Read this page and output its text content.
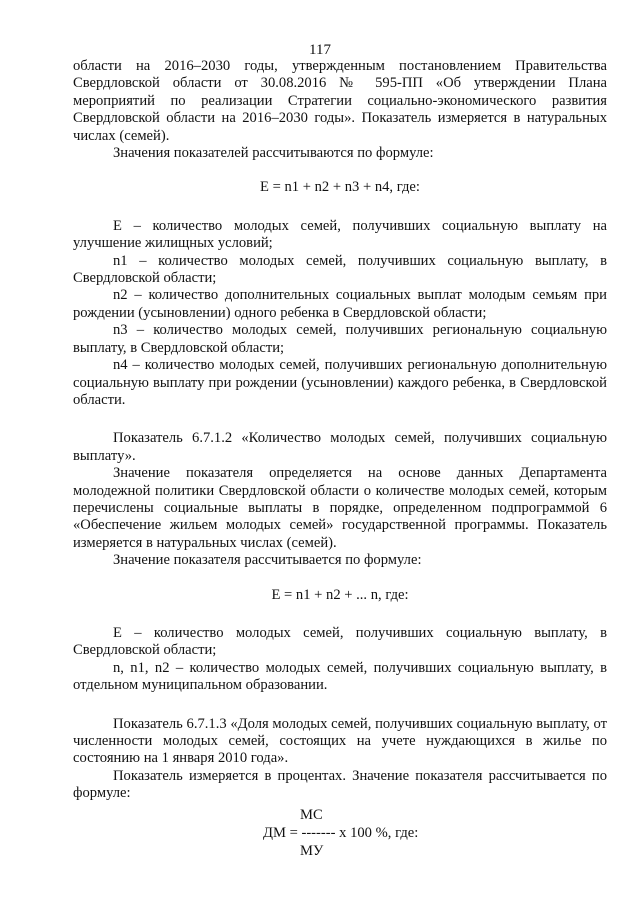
117

области на 2016–2030 годы, утвержденным постановлением Правительства Свердловской области от 30.08.2016 № 595-ПП «Об утверждении Плана мероприятий по реализации Стратегии социально-экономического развития Свердловской области на 2016–2030 годы». Показатель измеряется в натуральных числах (семей).

Значения показателей рассчитываются по формуле:

E = n1 + n2 + n3 + n4, где:

E – количество молодых семей, получивших социальную выплату на улучшение жилищных условий;

n1 – количество молодых семей, получивших социальную выплату, в Свердловской области;

n2 – количество дополнительных социальных выплат молодым семьям при рождении (усыновлении) одного ребенка в Свердловской области;

n3 – количество молодых семей, получивших региональную социальную выплату, в Свердловской области;

n4 – количество молодых семей, получивших региональную дополнительную социальную выплату при рождении (усыновлении) каждого ребенка, в Свердловской области.

Показатель 6.7.1.2 «Количество молодых семей, получивших социальную выплату».

Значение показателя определяется на основе данных Департамента молодежной политики Свердловской области о количестве молодых семей, которым перечислены социальные выплаты в порядке, определенном подпрограммой 6 «Обеспечение жильем молодых семей» государственной программы. Показатель измеряется в натуральных числах (семей).

Значение показателя рассчитывается по формуле:

E = n1 + n2 + ... n, где:

E – количество молодых семей, получивших социальную выплату, в Свердловской области;

n, n1, n2 – количество молодых семей, получивших социальную выплату, в отдельном муниципальном образовании.

Показатель 6.7.1.3 «Доля молодых семей, получивших социальную выплату, от численности молодых семей, состоящих на учете нуждающихся в жилье по состоянию на 1 января 2010 года».

Показатель измеряется в процентах. Значение показателя рассчитывается по формуле:

МС
ДМ = ------- х 100 %, где:
МУ
